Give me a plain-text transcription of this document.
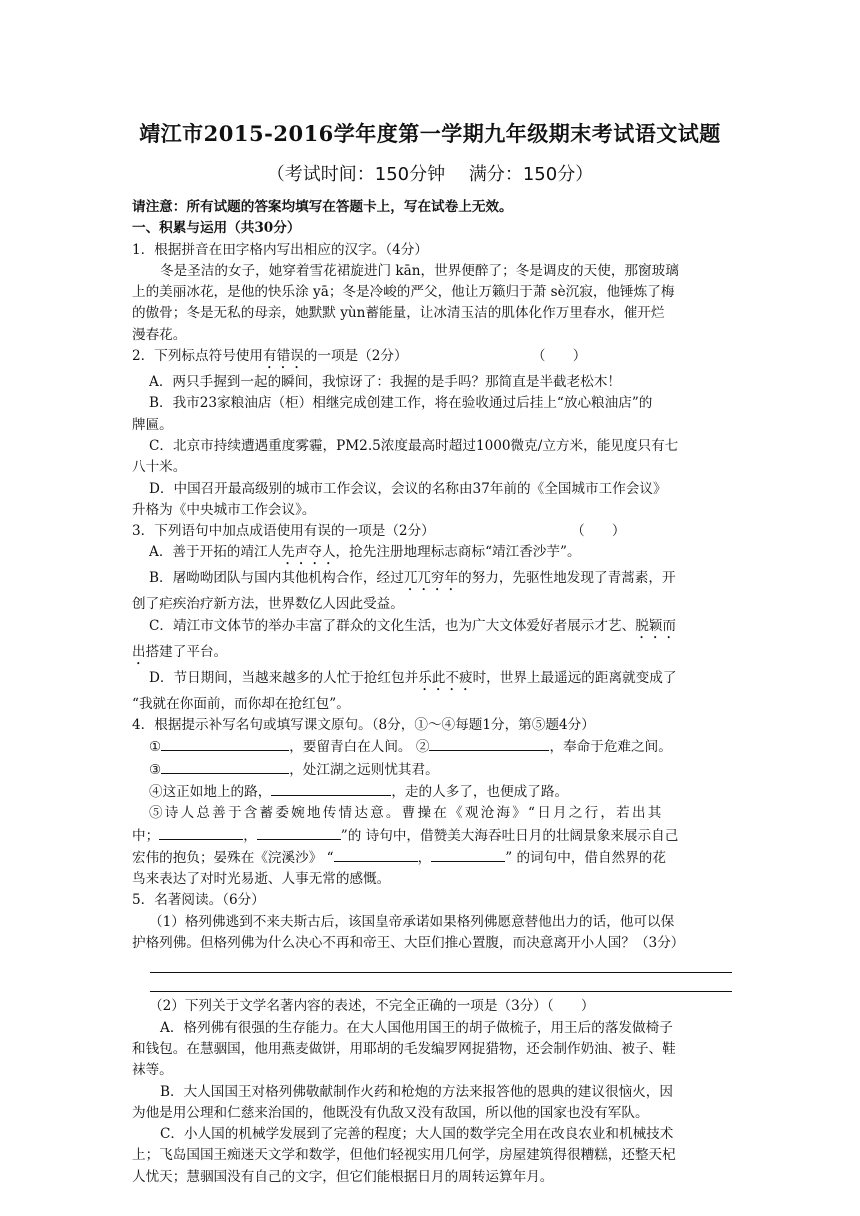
靖江市2015-2016学年度第一学期九年级期末考试语文试题
（考试时间：150分钟　 满分：150分）
请注意：所有试题的答案均填写在答题卡上，写在试卷上无效。
一、积累与运用（共30分）
1．根据拼音在田字格内写出相应的汉字。（4分）
冬是圣洁的女子，她穿着雪花裙旋进门 kān，世界便醉了；冬是调皮的天使，那窗玻璃
上的美丽冰花，是他的快乐涂 yā；冬是冷峻的严父，他让万籁归于萧 sè沉寂，他锤炼了梅
的傲骨；冬是无私的母亲，她默默 yùn蓄能量，让冰清玉洁的肌体化作万里春水，催开烂
漫春花。
2．下列标点符号使用有错误的一项是（2分）	（　　）
A．两只手握到一起的瞬间，我惊讶了：我握的是手吗？那简直是半截老松木！
B．我市23家粮油店（柜）相继完成创建工作，将在验收通过后挂上“放心粮油店”的
牌匾。
C．北京市持续遭遇重度雾霾，PM2.5浓度最高时超过1000微克/立方米，能见度只有七
八十米。
D．中国召开最高级别的城市工作会议，会议的名称由37年前的《全国城市工作会议》
升格为《中央城市工作会议》。
3．下列语句中加点成语使用有误的一项是（2分）	（　　）
A．善于开拓的靖江人先声夺人，抢先注册地理标志商标“靖江香沙芋”。
B．屠呦呦团队与国内其他机构合作，经过兀兀穷年的努力，先驱性地发现了青蒿素，开
创了疟疾治疗新方法，世界数亿人因此受益。
C．靖江市文体节的举办丰富了群众的文化生活，也为广大文体爱好者展示才艺、脱颖而
出搭建了平台。
D．节日期间，当越来越多的人忙于抢红包并乐此不疲时，世界上最遥远的距离就变成了
“我就在你面前，而你却在抢红包”。
4．根据提示补写名句或填写课文原句。（8分，①～④每题1分，第⑤题4分）
①	，要留青白在人间。 ②	，奉命于危难之间。
③	，处江湖之远则忧其君。
④这正如地上的路，	，走的人多了，也便成了路。
⑤诗人总善于含蓄委婉地传情达意。曹操在《观沧海》“日月之行，若出其
中；	，	”的 诗句中，借赞美大海吞吐日月的壮阔景象来展示自己
宏伟的抱负；晏殊在《浣溪沙》 “	，	” 的词句中，借自然界的花
鸟来表达了对时光易逝、人事无常的感慨。
5．名著阅读。（6分）
（1）格列佛逃到不来夫斯古后，该国皇帝承诺如果格列佛愿意替他出力的话，他可以保
护格列佛。但格列佛为什么决心不再和帝王、大臣们推心置腹，而决意离开小人国？（3分）
（2）下列关于文学名著内容的表述，不完全正确的一项是（3分）（　　）
A．格列佛有很强的生存能力。在大人国他用国王的胡子做梳子，用王后的落发做椅子
和钱包。在慧骃国，他用燕麦做饼，用耶胡的毛发编罗网捉猎物，还会制作奶油、被子、鞋
袜等。
B．大人国国王对格列佛敬献制作火药和枪炮的方法来报答他的恩典的建议很恼火，因
为他是用公理和仁慈来治国的，他既没有仇敌又没有敌国，所以他的国家也没有军队。
C．小人国的机械学发展到了完善的程度；大人国的数学完全用在改良农业和机械技术
上；飞岛国国王痴迷天文学和数学，但他们轻视实用几何学，房屋建筑得很糟糕，还整天杞
人忧天；慧骃国没有自己的文字，但它们能根据日月的周转运算年月。
